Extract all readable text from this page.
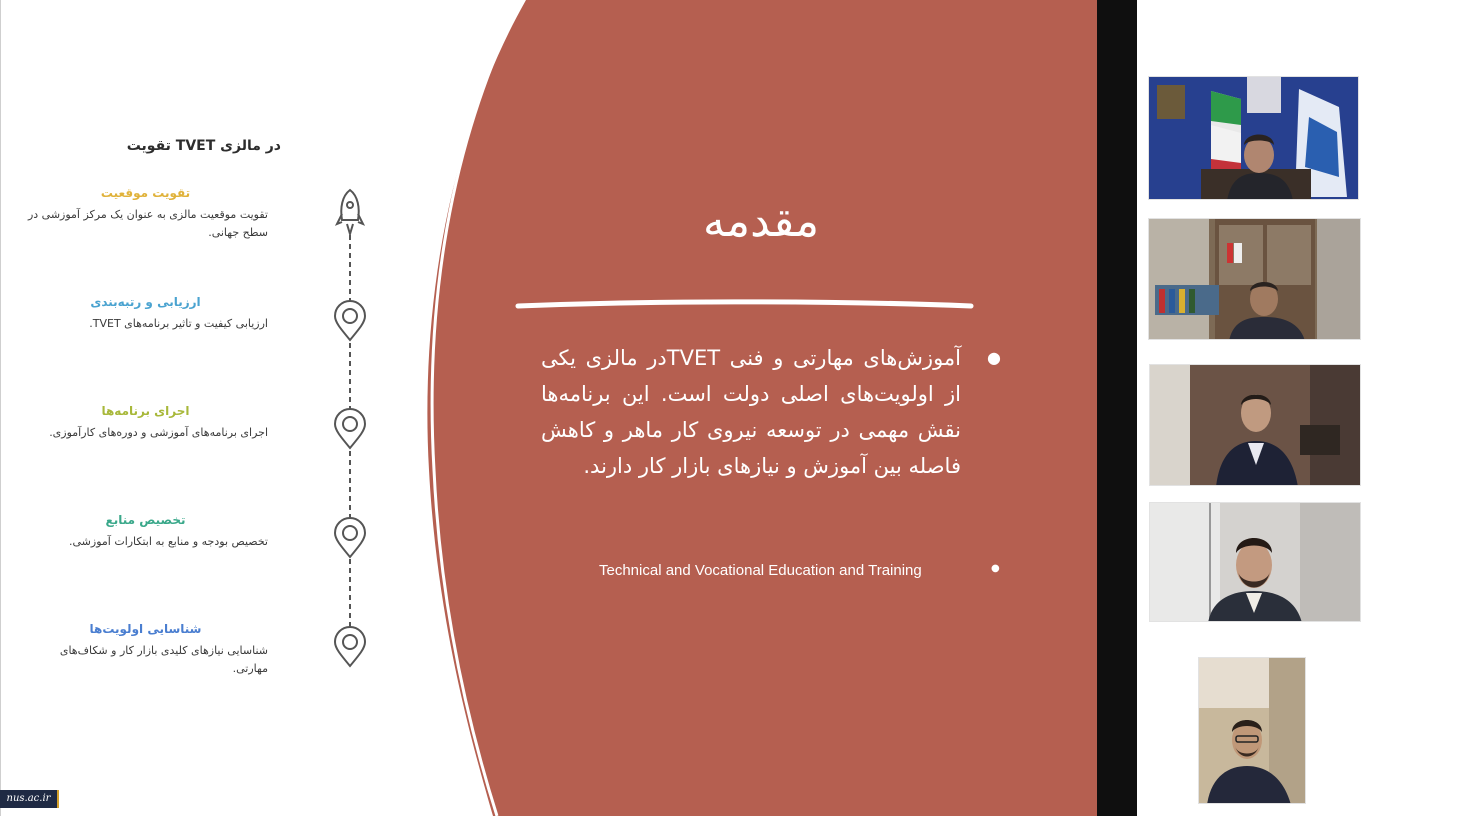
در مالزی TVET تقویت
تقویت موقعیت
تقویت موقعیت مالزی به عنوان یک مرکز آموزشی در سطح جهانی.
ارزیابی و رتبه‌بندی
ارزیابی کیفیت و تاثیر برنامه‌های TVET.
اجرای برنامه‌ها
اجرای برنامه‌های آموزشی و دوره‌های کارآموزی.
تخصیص منابع
تخصیص بودجه و منابع به ابتکارات آموزشی.
شناسایی اولویت‌ها
شناسایی نیازهای کلیدی بازار کار و شکاف‌های مهارتی.
مقدمه
●
آموزش‌های مهارتی و فنی TVETدر مالزی یکی از اولویت‌های اصلی دولت است. این برنامه‌ها نقش مهمی در توسعه نیروی کار ماهر و کاهش فاصله بین آموزش و نیازهای بازار کار دارند.
●
Technical and Vocational Education and Training
nus.ac.ir
